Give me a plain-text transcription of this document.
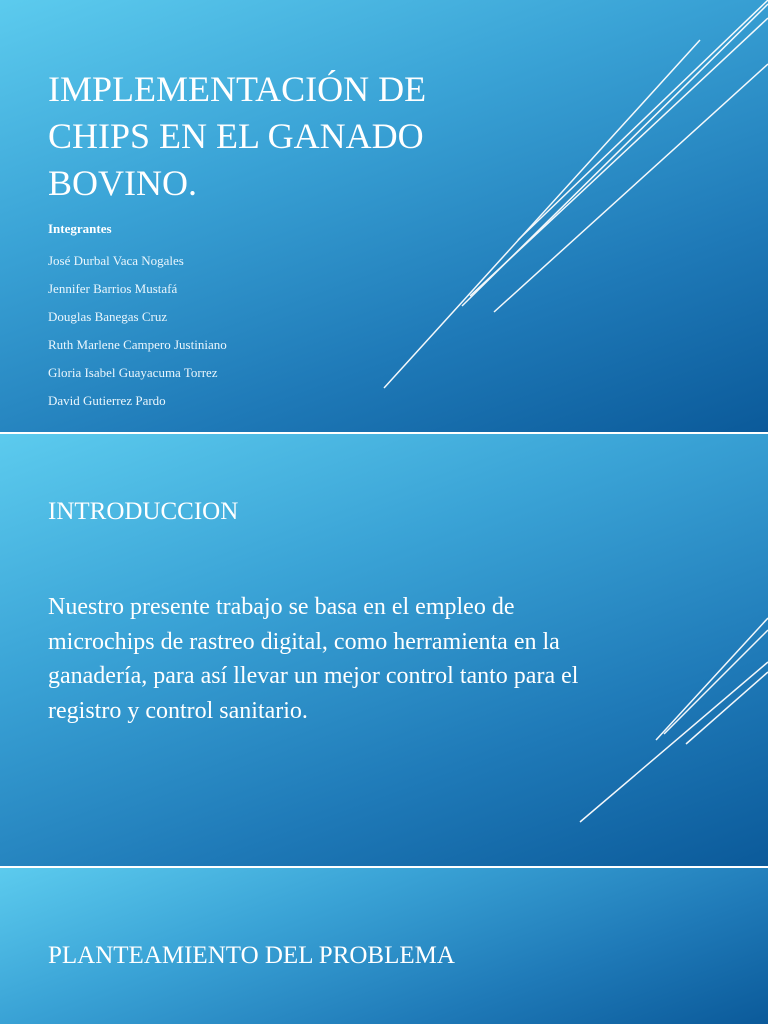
IMPLEMENTACIÓN DE CHIPS EN EL GANADO BOVINO.

Integrantes

José Durbal Vaca Nogales
Jennifer Barrios Mustafá
Douglas Banegas Cruz
Ruth Marlene Campero Justiniano
Gloria Isabel Guayacuma Torrez
David Gutierrez Pardo
INTRODUCCION

Nuestro presente trabajo se basa en el empleo de microchips de rastreo digital, como herramienta en la ganadería, para así llevar un mejor control tanto para el registro y control sanitario.

PLANTEAMIENTO DEL PROBLEMA
